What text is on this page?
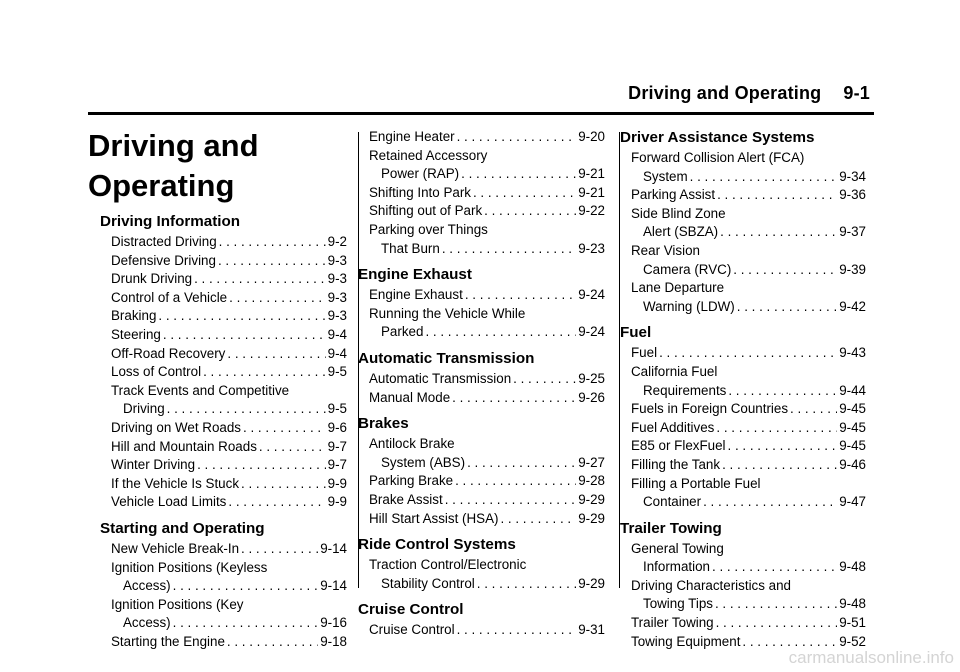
Driving and Operating 9-1
Driving and
Operating
Driving Information
Distracted Driving . . .	9-2
Defensive Driving . . .	9-3
Drunk Driving . . .	9-3
Control of a Vehicle . . .	9-3
Braking . . .	9-3
Steering . . .	9-4
Off-Road Recovery . . .	9-4
Loss of Control . . .	9-5
Track Events and Competitive
Driving . . .	9-5
Driving on Wet Roads . . .	9-6
Hill and Mountain Roads . . .	9-7
Winter Driving . . .	9-7
If the Vehicle Is Stuck . . .	9-9
Vehicle Load Limits . . .	9-9
Starting and Operating
New Vehicle Break-In . . .	9-14
Ignition Positions (Keyless
Access) . . .	9-14
Ignition Positions (Key
Access) . . .	9-16
Starting the Engine . . .	9-18
Engine Heater . . .	9-20
Retained Accessory
Power (RAP) . . .	9-21
Shifting Into Park . . .	9-21
Shifting out of Park . . .	9-22
Parking over Things
That Burn . . .	9-23
Engine Exhaust
Engine Exhaust . . .	9-24
Running the Vehicle While
Parked . . .	9-24
Automatic Transmission
Automatic Transmission . . .	9-25
Manual Mode . . .	9-26
Brakes
Antilock Brake
System (ABS) . . .	9-27
Parking Brake . . .	9-28
Brake Assist . . .	9-29
Hill Start Assist (HSA) . . .	9-29
Ride Control Systems
Traction Control/Electronic
Stability Control . . .	9-29
Cruise Control
Cruise Control . . .	9-31
Driver Assistance Systems
Forward Collision Alert (FCA)
System . . .	9-34
Parking Assist . . .	9-36
Side Blind Zone
Alert (SBZA) . . .	9-37
Rear Vision
Camera (RVC) . . .	9-39
Lane Departure
Warning (LDW) . . .	9-42
Fuel
Fuel . . .	9-43
California Fuel
Requirements . . .	9-44
Fuels in Foreign Countries . . .	9-45
Fuel Additives . . .	9-45
E85 or FlexFuel . . .	9-45
Filling the Tank . . .	9-46
Filling a Portable Fuel
Container . . .	9-47
Trailer Towing
General Towing
Information . . .	9-48
Driving Characteristics and
Towing Tips . . .	9-48
Trailer Towing . . .	9-51
Towing Equipment . . .	9-52
carmanualsonline.info
